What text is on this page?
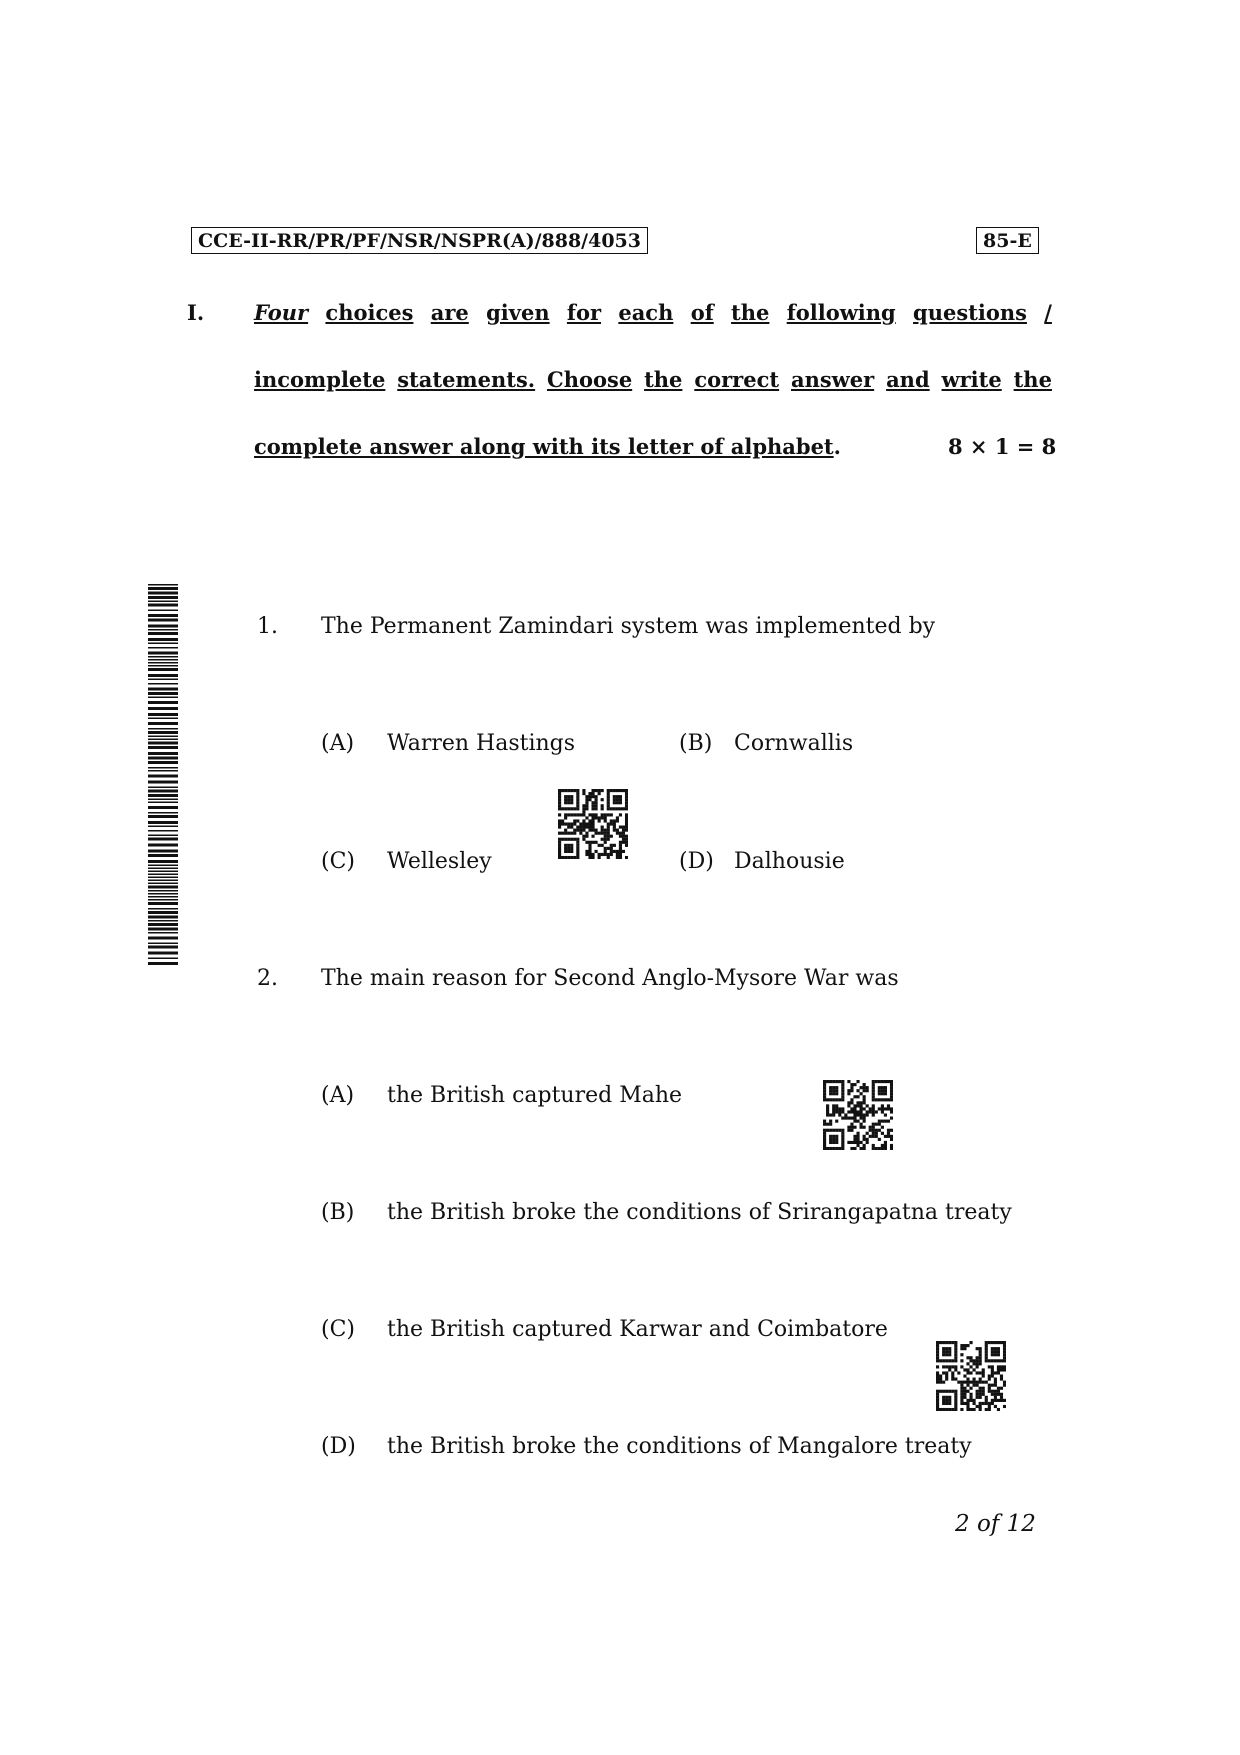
CCE-II-RR/PR/PF/NSR/NSPR(A)/888/4053	85-E
I. Four choices are given for each of the following questions /
incomplete statements. Choose the correct answer and write the
complete answer along with its letter of alphabet.	8 × 1 = 8
1. The Permanent Zamindari system was implemented by
(A) Warren Hastings	(B) Cornwallis
(C) Wellesley	(D) Dalhousie
2. The main reason for Second Anglo-Mysore War was
(A) the British captured Mahe
(B) the British broke the conditions of Srirangapatna treaty
(C) the British captured Karwar and Coimbatore
(D) the British broke the conditions of Mangalore treaty
2 of 12
